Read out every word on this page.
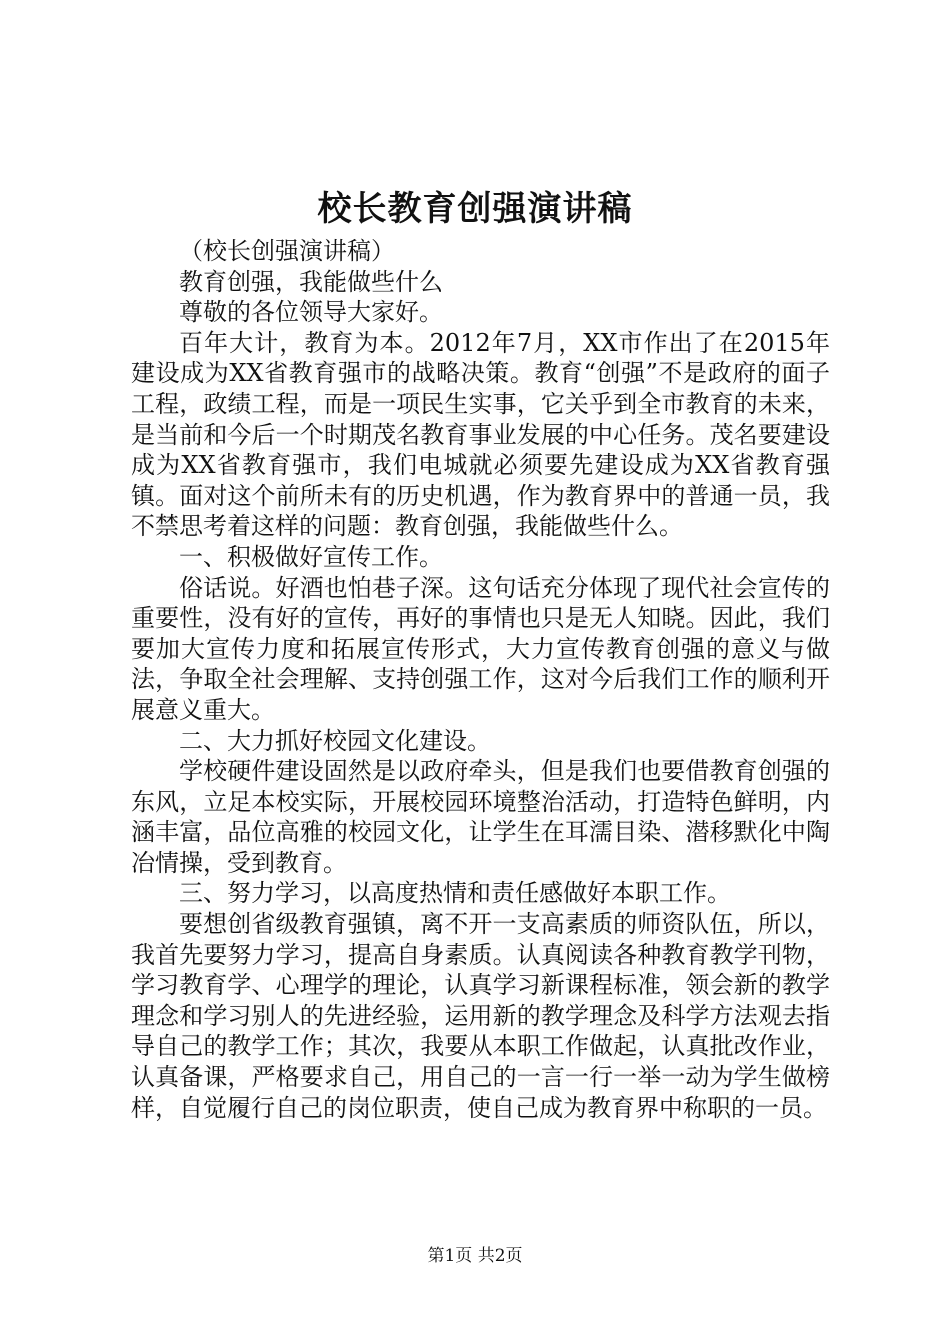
校长教育创强演讲稿

（校长创强演讲稿）

教育创强，我能做些什么

尊敬的各位领导大家好。

百年大计，教育为本。2012年7月，XX市作出了在2015年建设成为XX省教育强市的战略决策。教育“创强”不是政府的面子工程，政绩工程，而是一项民生实事，它关乎到全市教育的未来，是当前和今后一个时期茂名教育事业发展的中心任务。茂名要建设成为XX省教育强市，我们电城就必须要先建设成为XX省教育强镇。面对这个前所未有的历史机遇，作为教育界中的普通一员，我不禁思考着这样的问题：教育创强，我能做些什么。

一、积极做好宣传工作。

俗话说。好酒也怕巷子深。这句话充分体现了现代社会宣传的重要性，没有好的宣传，再好的事情也只是无人知晓。因此，我们要加大宣传力度和拓展宣传形式，大力宣传教育创强的意义与做法，争取全社会理解、支持创强工作，这对今后我们工作的顺利开展意义重大。

二、大力抓好校园文化建设。

学校硬件建设固然是以政府牵头，但是我们也要借教育创强的东风，立足本校实际，开展校园环境整治活动，打造特色鲜明，内涵丰富，品位高雅的校园文化，让学生在耳濡目染、潜移默化中陶冶情操，受到教育。

三、努力学习，以高度热情和责任感做好本职工作。

要想创省级教育强镇，离不开一支高素质的师资队伍，所以，我首先要努力学习，提高自身素质。认真阅读各种教育教学刊物，学习教育学、心理学的理论，认真学习新课程标准，领会新的教学理念和学习别人的先进经验，运用新的教学理念及科学方法观去指导自己的教学工作；其次，我要从本职工作做起，认真批改作业，认真备课，严格要求自己，用自己的一言一行一举一动为学生做榜样，自觉履行自己的岗位职责，使自己成为教育界中称职的一员。

第1页 共2页
